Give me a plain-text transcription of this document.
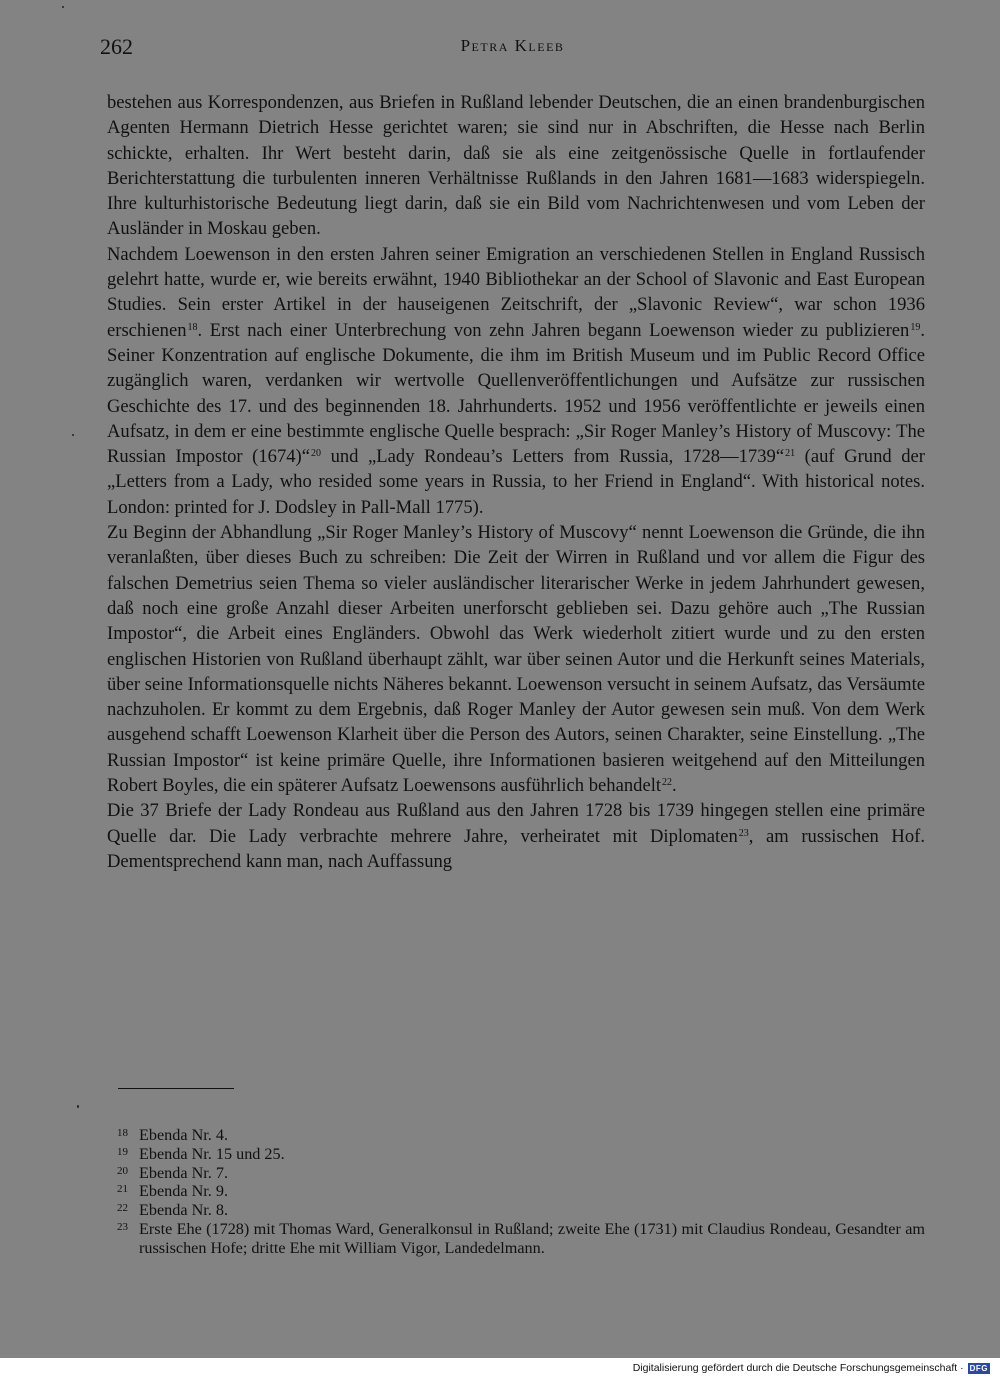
262	Petra Kleeb

bestehen aus Korrespondenzen, aus Briefen in Rußland lebender Deutschen, die an einen brandenburgischen Agenten Hermann Dietrich Hesse gerichtet waren; sie sind nur in Abschriften, die Hesse nach Berlin schickte, erhalten. Ihr Wert besteht darin, daß sie als eine zeitgenössische Quelle in fortlaufender Berichterstattung die turbulenten inneren Verhältnisse Rußlands in den Jahren 1681—1683 widerspiegeln. Ihre kulturhistorische Bedeutung liegt darin, daß sie ein Bild vom Nachrichtenwesen und vom Leben der Ausländer in Moskau geben.

Nachdem Loewenson in den ersten Jahren seiner Emigration an verschiedenen Stellen in England Russisch gelehrt hatte, wurde er, wie bereits erwähnt, 1940 Bibliothekar an der School of Slavonic and East European Studies. Sein erster Artikel in der hauseigenen Zeitschrift, der „Slavonic Review“, war schon 1936 erschienen$^{18}$. Erst nach einer Unterbrechung von zehn Jahren begann Loewenson wieder zu publizieren$^{19}$. Seiner Konzentration auf englische Dokumente, die ihm im British Museum und im Public Record Office zugänglich waren, verdanken wir wertvolle Quellenveröffentlichungen und Aufsätze zur russischen Geschichte des 17. und des beginnenden 18. Jahrhunderts. 1952 und 1956 veröffentlichte er jeweils einen Aufsatz, in dem er eine bestimmte englische Quelle besprach: „Sir Roger Manley’s History of Muscovy: The Russian Impostor (1674)“$^{20}$ und „Lady Rondeau’s Letters from Russia, 1728—1739“$^{21}$ (auf Grund der „Letters from a Lady, who resided some years in Russia, to her Friend in England“. With historical notes. London: printed for J. Dodsley in Pall-Mall 1775).

Zu Beginn der Abhandlung „Sir Roger Manley’s History of Muscovy“ nennt Loewenson die Gründe, die ihn veranlaßten, über dieses Buch zu schreiben: Die Zeit der Wirren in Rußland und vor allem die Figur des falschen Demetrius seien Thema so vieler ausländischer literarischer Werke in jedem Jahrhundert gewesen, daß noch eine große Anzahl dieser Arbeiten unerforscht geblieben sei. Dazu gehöre auch „The Russian Impostor“, die Arbeit eines Engländers. Obwohl das Werk wiederholt zitiert wurde und zu den ersten englischen Historien von Rußland überhaupt zählt, war über seinen Autor und die Herkunft seines Materials, über seine Informationsquelle nichts Näheres bekannt. Loewenson versucht in seinem Aufsatz, das Versäumte nachzuholen. Er kommt zu dem Ergebnis, daß Roger Manley der Autor gewesen sein muß. Von dem Werk ausgehend schafft Loewenson Klarheit über die Person des Autors, seinen Charakter, seine Einstellung. „The Russian Impostor“ ist keine primäre Quelle, ihre Informationen basieren weitgehend auf den Mitteilungen Robert Boyles, die ein späterer Aufsatz Loewensons ausführlich behandelt$^{22}$.

Die 37 Briefe der Lady Rondeau aus Rußland aus den Jahren 1728 bis 1739 hingegen stellen eine primäre Quelle dar. Die Lady verbrachte mehrere Jahre, verheiratet mit Diplomaten$^{23}$, am russischen Hof. Dementsprechend kann man, nach Auffassung

18 Ebenda Nr. 4.

19 Ebenda Nr. 15 und 25.

20 Ebenda Nr. 7.

21 Ebenda Nr. 9.

22 Ebenda Nr. 8.

23 Erste Ehe (1728) mit Thomas Ward, Generalkonsul in Rußland; zweite Ehe (1731) mit Claudius Rondeau, Gesandter am russischen Hofe; dritte Ehe mit William Vigor, Landedelmann.

Digitalisierung gefördert durch die Deutsche Forschungsgemeinschaft · DFG
